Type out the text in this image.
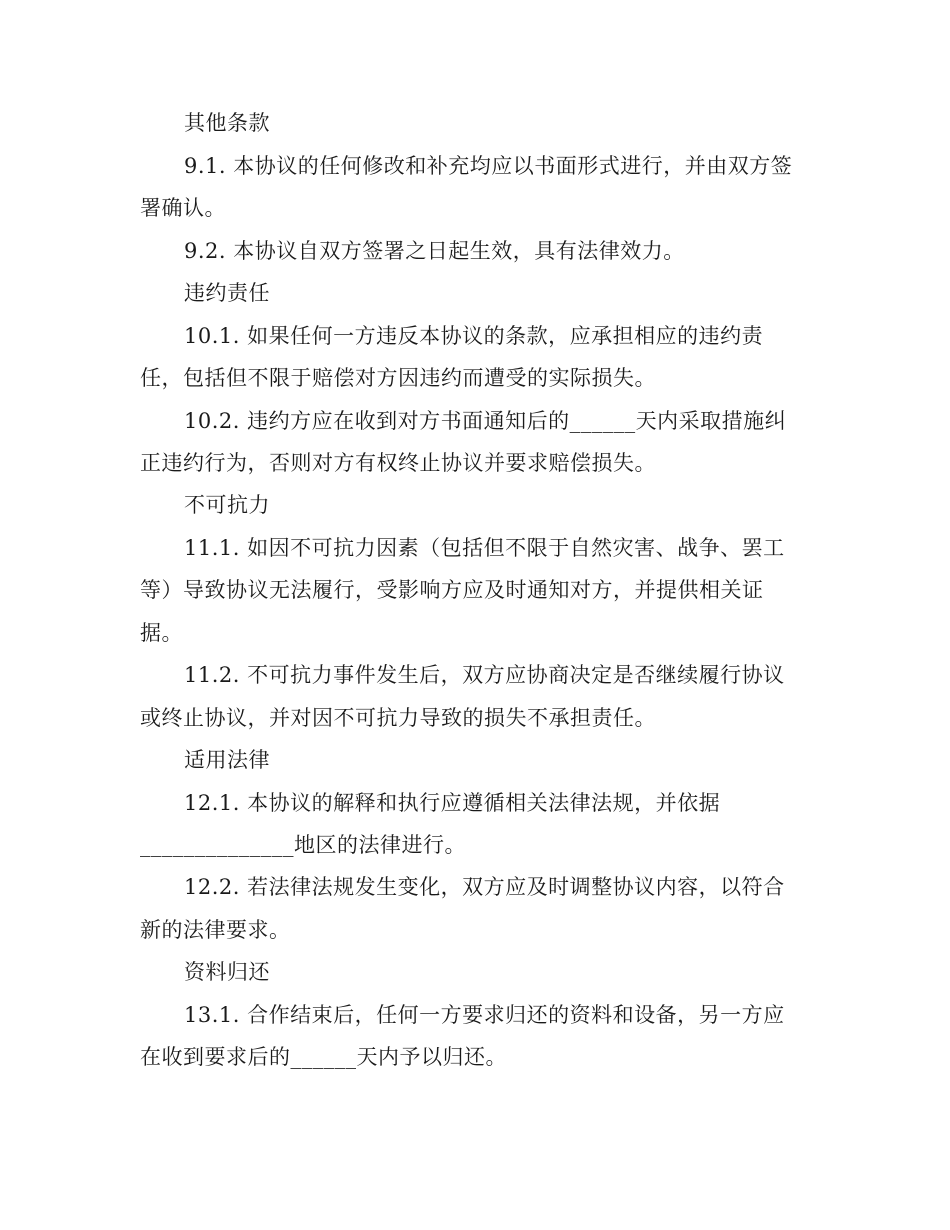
其他条款
9.1. 本协议的任何修改和补充均应以书面形式进行，并由双方签
署确认。
9.2. 本协议自双方签署之日起生效，具有法律效力。
违约责任
10.1. 如果任何一方违反本协议的条款，应承担相应的违约责
任，包括但不限于赔偿对方因违约而遭受的实际损失。
10.2. 违约方应在收到对方书面通知后的______天内采取措施纠
正违约行为，否则对方有权终止协议并要求赔偿损失。
不可抗力
11.1. 如因不可抗力因素（包括但不限于自然灾害、战争、罢工
等）导致协议无法履行，受影响方应及时通知对方，并提供相关证
据。
11.2. 不可抗力事件发生后，双方应协商决定是否继续履行协议
或终止协议，并对因不可抗力导致的损失不承担责任。
适用法律
12.1. 本协议的解释和执行应遵循相关法律法规，并依据
______________地区的法律进行。
12.2. 若法律法规发生变化，双方应及时调整协议内容，以符合
新的法律要求。
资料归还
13.1. 合作结束后，任何一方要求归还的资料和设备，另一方应
在收到要求后的______天内予以归还。
